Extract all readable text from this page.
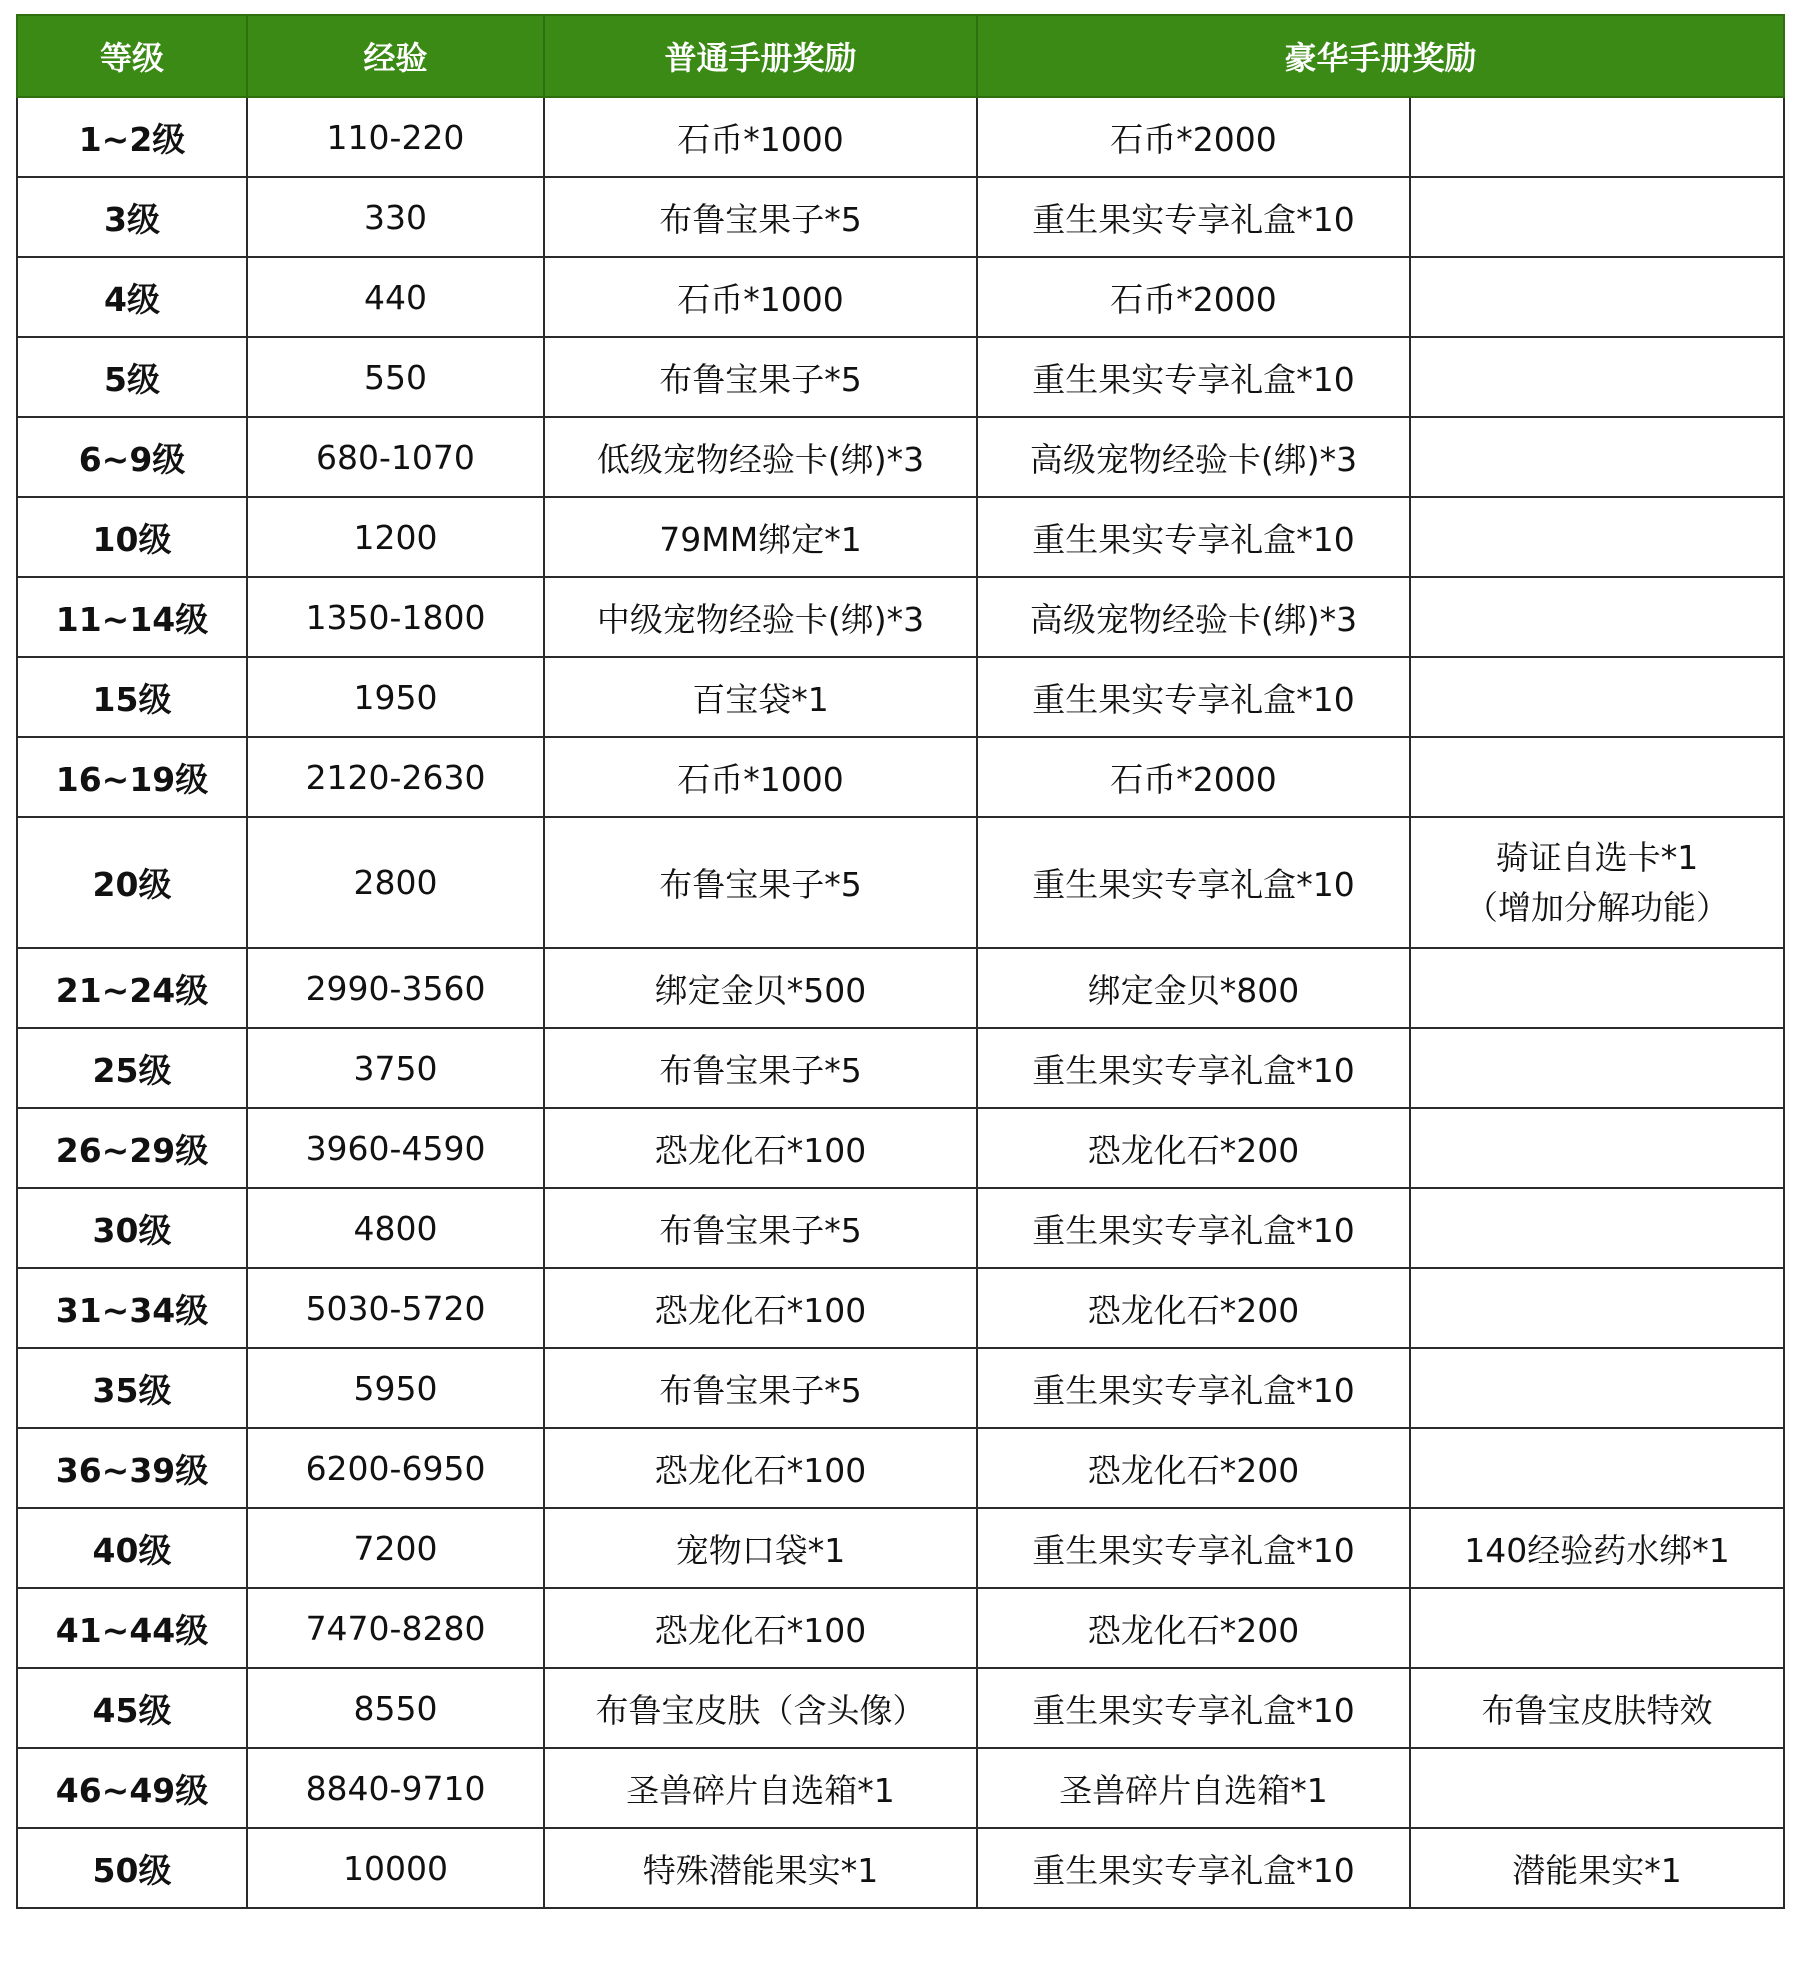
等级	经验	普通手册奖励	豪华手册奖励	
1~2级	110-220	石币*1000	石币*2000	
3级	330	布鲁宝果子*5	重生果实专享礼盒*10	
4级	440	石币*1000	石币*2000	
5级	550	布鲁宝果子*5	重生果实专享礼盒*10	
6~9级	680-1070	低级宠物经验卡(绑)*3	高级宠物经验卡(绑)*3	
10级	1200	79MM绑定*1	重生果实专享礼盒*10	
11~14级	1350-1800	中级宠物经验卡(绑)*3	高级宠物经验卡(绑)*3	
15级	1950	百宝袋*1	重生果实专享礼盒*10	
16~19级	2120-2630	石币*1000	石币*2000	
20级	2800	布鲁宝果子*5	重生果实专享礼盒*10	骑证自选卡*1
（增加分解功能）

21~24级	2990-3560	绑定金贝*500	绑定金贝*800	
25级	3750	布鲁宝果子*5	重生果实专享礼盒*10	
26~29级	3960-4590	恐龙化石*100	恐龙化石*200	
30级	4800	布鲁宝果子*5	重生果实专享礼盒*10	
31~34级	5030-5720	恐龙化石*100	恐龙化石*200	
35级	5950	布鲁宝果子*5	重生果实专享礼盒*10	
36~39级	6200-6950	恐龙化石*100	恐龙化石*200	
40级	7200	宠物口袋*1	重生果实专享礼盒*10	140经验药水绑*1
41~44级	7470-8280	恐龙化石*100	恐龙化石*200	
45级	8550	布鲁宝皮肤（含头像）	重生果实专享礼盒*10	布鲁宝皮肤特效
46~49级	8840-9710	圣兽碎片自选箱*1	圣兽碎片自选箱*1	
50级	10000	特殊潜能果实*1	重生果实专享礼盒*10	潜能果实*1
